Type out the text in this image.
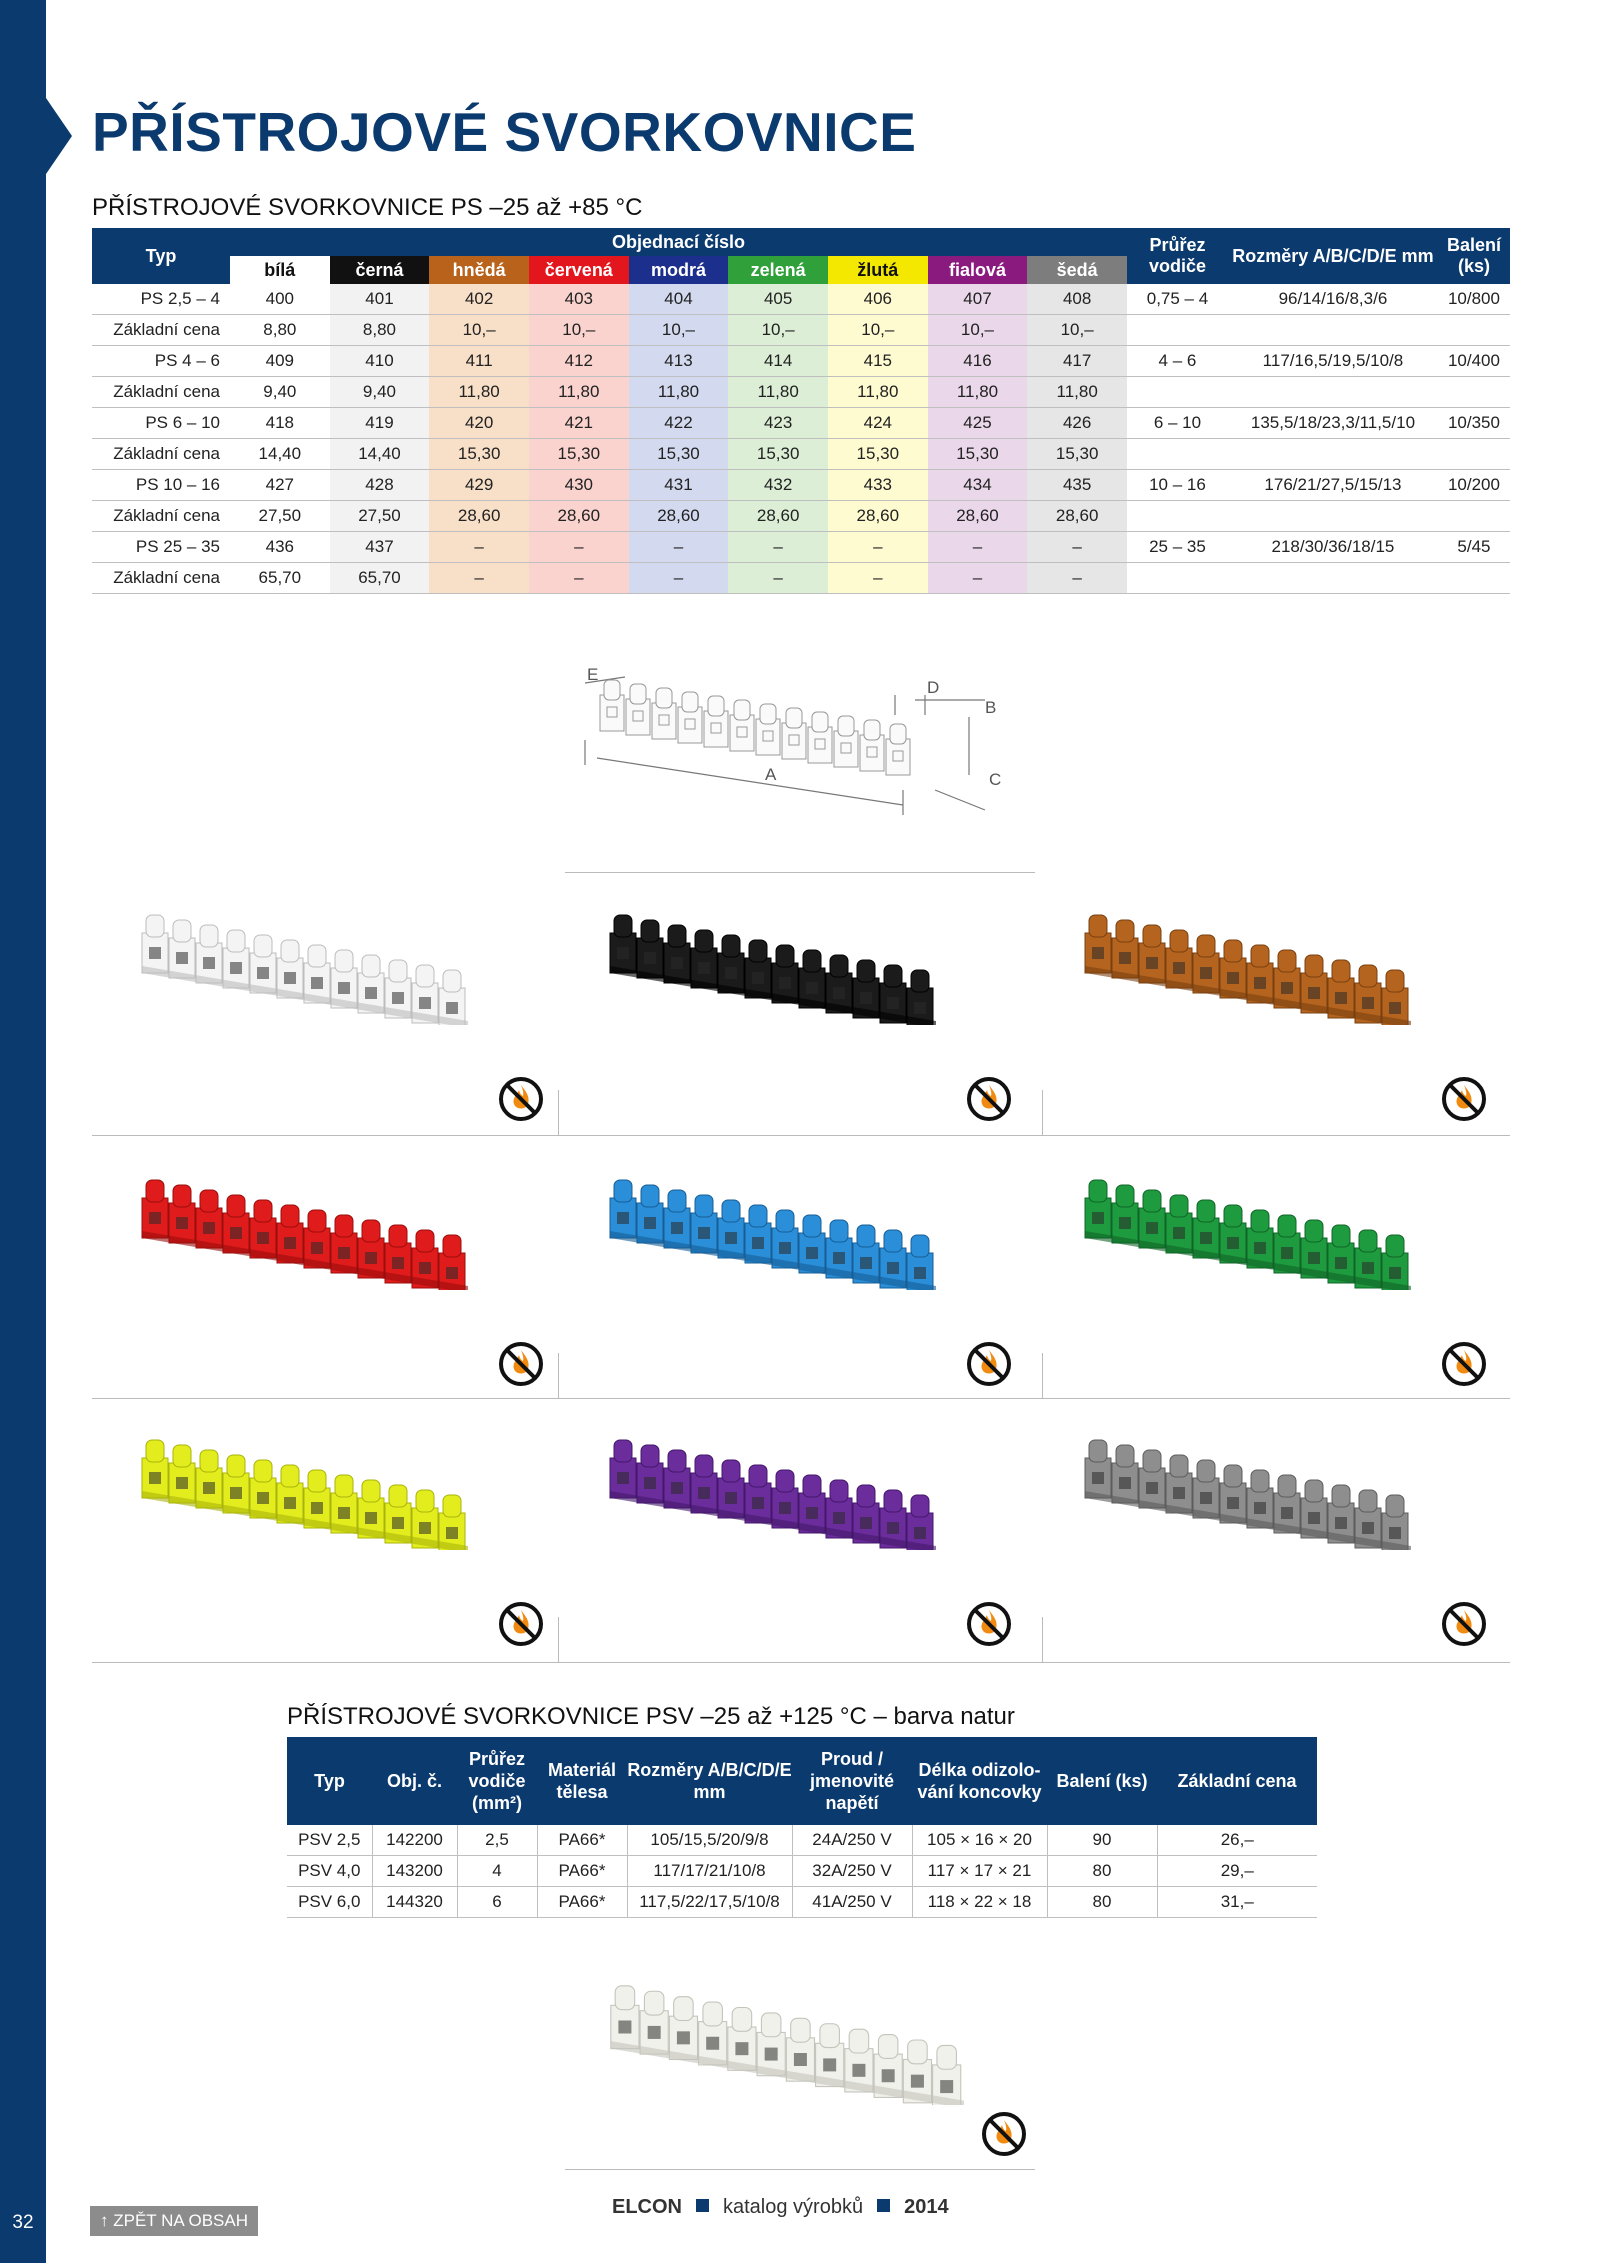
32	↑ ZPĚT NA OBSAH
PŘÍSTROJOVÉ SVORKOVNICE
PŘÍSTROJOVÉ SVORKOVNICE PS –25 až +85 °C
Typ	Objednací číslo									Průřez vodiče	Rozměry A/B/C/D/E mm	Balení (ks)
	bílá	černá	hnědá	červená	modrá	zelená	žlutá	fialová	šedá			
PS 2,5 – 4	400	401	402	403	404	405	406	407	408	0,75 – 4	96/14/16/8,3/6	10/800
Základní cena	8,80	8,80	10,–	10,–	10,–	10,–	10,–	10,–	10,–			
PS 4 – 6	409	410	411	412	413	414	415	416	417	4 – 6	117/16,5/19,5/10/8	10/400
Základní cena	9,40	9,40	11,80	11,80	11,80	11,80	11,80	11,80	11,80			
PS 6 – 10	418	419	420	421	422	423	424	425	426	6 – 10	135,5/18/23,3/11,5/10	10/350
Základní cena	14,40	14,40	15,30	15,30	15,30	15,30	15,30	15,30	15,30			
PS 10 – 16	427	428	429	430	431	432	433	434	435	10 – 16	176/21/27,5/15/13	10/200
Základní cena	27,50	27,50	28,60	28,60	28,60	28,60	28,60	28,60	28,60			
PS 25 – 35	436	437	–	–	–	–	–	–	–	25 – 35	218/30/36/18/15	5/45
Základní cena	65,70	65,70	–	–	–	–	–	–	–			
E
D
B
A	C
PŘÍSTROJOVÉ SVORKOVNICE PSV –25 až +125 °C – barva natur
Typ	Obj. č.	Průřez vodiče (mm²)	Materiál tělesa	Rozměry A/B/C/D/E mm	Proud / jmenovité napětí	Délka odizolo-vání koncovky	Balení (ks)	Základní cena
PSV 2,5	142200	2,5	PA66*	105/15,5/20/9/8	24A/250 V	105 × 16 × 20	90	26,–
PSV 4,0	143200	4	PA66*	117/17/21/10/8	32A/250 V	117 × 17 × 21	80	29,–
PSV 6,0	144320	6	PA66*	117,5/22/17,5/10/8	41A/250 V	118 × 22 × 18	80	31,–
ELCON katalog výrobků 2014
